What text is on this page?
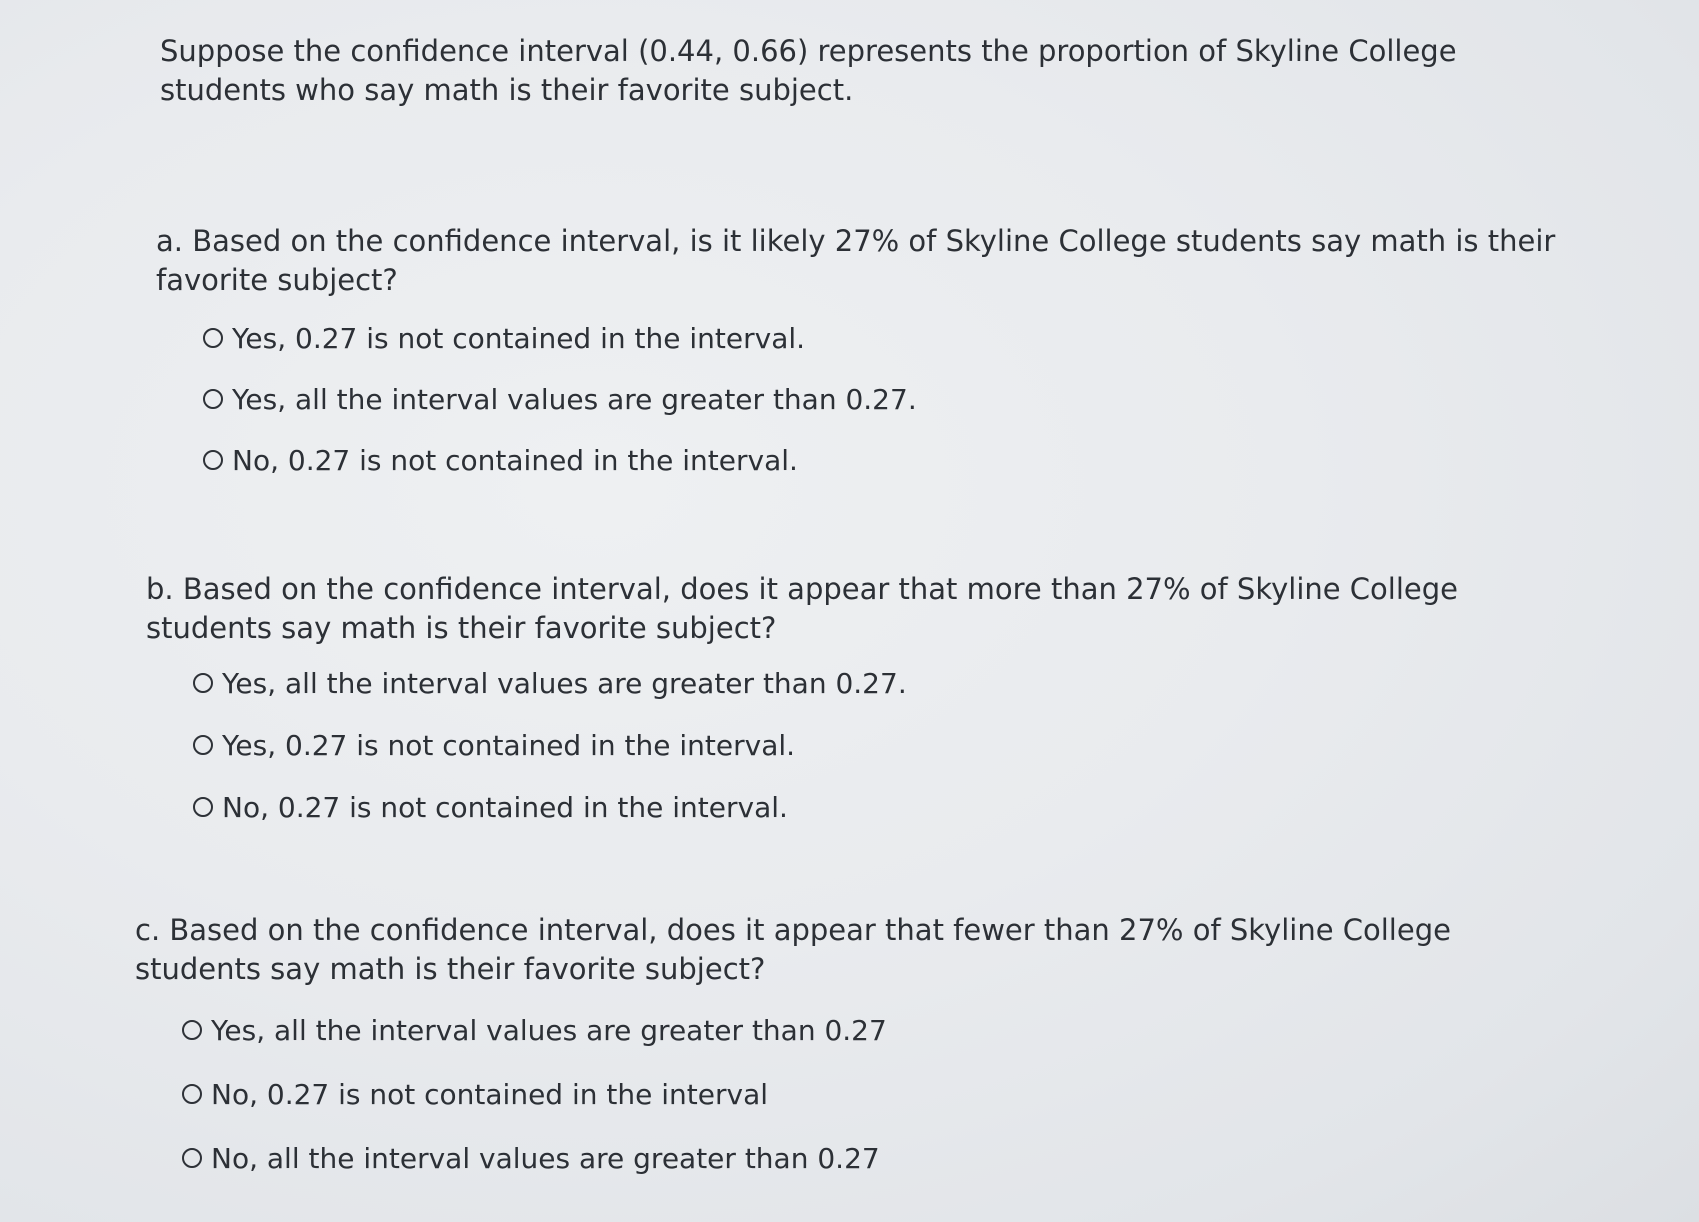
Suppose the confidence interval (0.44, 0.66) represents the proportion of Skyline College students who say math is their favorite subject.

a. Based on the confidence interval, is it likely 27% of Skyline College students say math is their favorite subject?

Yes, 0.27 is not contained in the interval.
Yes, all the interval values are greater than 0.27.
No, 0.27 is not contained in the interval.

b. Based on the confidence interval, does it appear that more than 27% of Skyline College students say math is their favorite subject?

Yes, all the interval values are greater than 0.27.
Yes, 0.27 is not contained in the interval.
No, 0.27 is not contained in the interval.

c. Based on the confidence interval, does it appear that fewer than 27% of Skyline College students say math is their favorite subject?

Yes, all the interval values are greater than 0.27
No, 0.27 is not contained in the interval
No, all the interval values are greater than 0.27
